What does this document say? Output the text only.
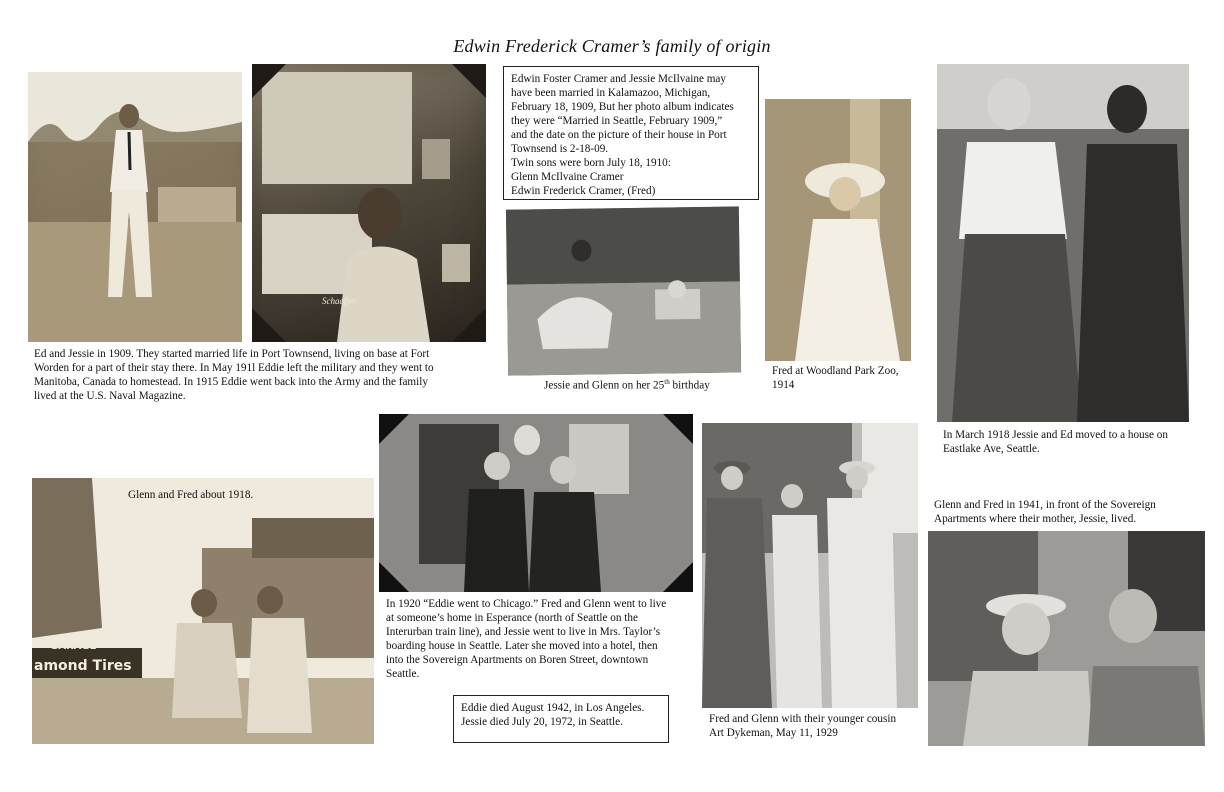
Edwin Frederick Cramer’s family of origin
Schaeffer

Edwin Foster Cramer and Jessie McIlvaine may

have been married in Kalamazoo, Michigan,

February 18, 1909, But her photo album indicates

they were “Married in Seattle, February 1909,”

and the date on the picture of their house in Port

Townsend is 2-18-09.

Twin sons were born July 18, 1910:

Glenn McIlvaine Cramer

Edwin Frederick Cramer, (Fred)

Ed and Jessie in 1909. They started married life in Port Townsend, living on base at Fort

Worden for a part of their stay there. In May 191l Eddie left the military and they went to

Manitoba, Canada to homestead. In 1915 Eddie went back into the Army and the family

lived at the U.S. Naval Magazine.

Jessie and Glenn on her 25th birthday

Fred at Woodland Park Zoo,

1914

In March 1918 Jessie and Ed moved to a house on

Eastlake Ave, Seattle.

GARAGE
amond Tires
Glenn and Fred about 1918.

In 1920 “Eddie went to Chicago.” Fred and Glenn went to live

at someone’s home in Esperance (north of Seattle on the

Interurban train line), and Jessie went to live in Mrs. Taylor’s

boarding house in Seattle. Later she moved into a hotel, then

into the Sovereign Apartments on Boren Street, downtown

Seattle.

Eddie died August 1942, in Los Angeles.

Jessie died July 20, 1972, in Seattle.	Fred and Glenn with their younger cousin

Art Dykeman, May 11, 1929

Glenn and Fred in 1941, in front of the Sovereign

Apartments where their mother, Jessie, lived.
